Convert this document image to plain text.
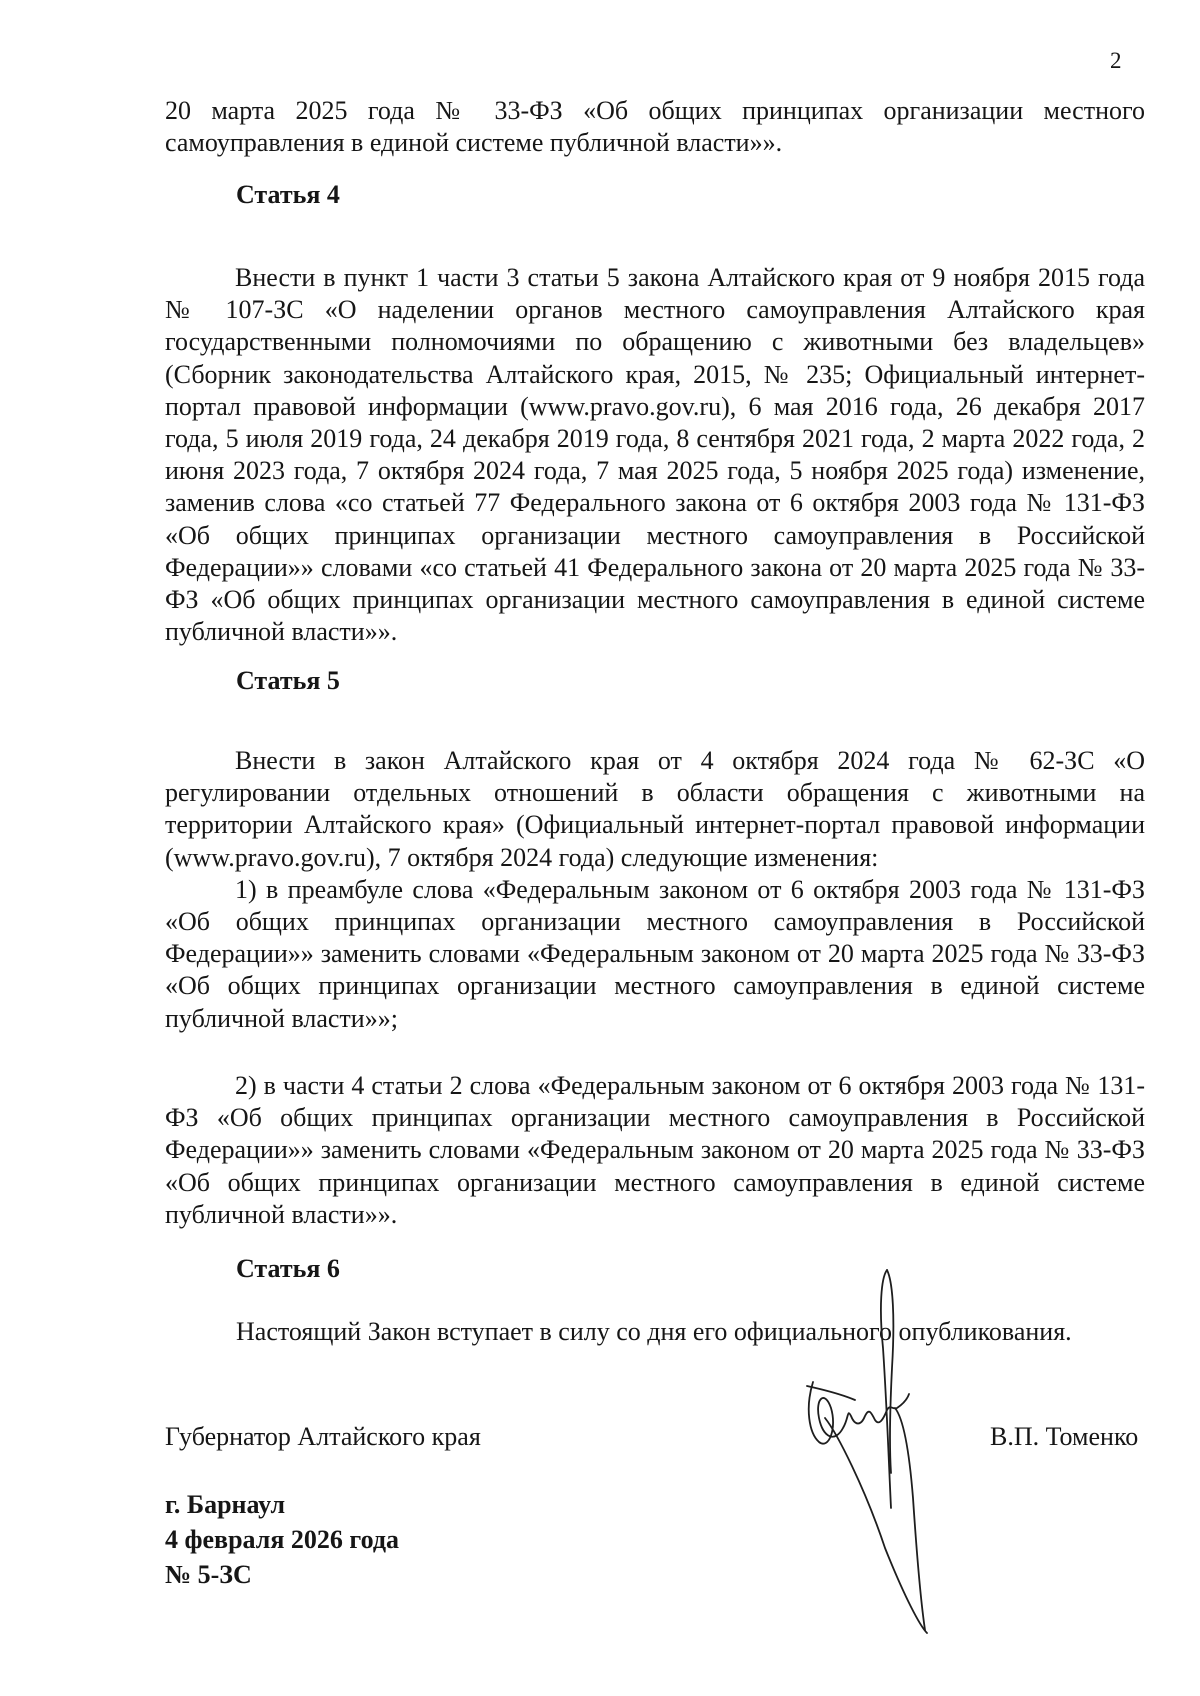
2

20 марта 2025 года № 33-ФЗ «Об общих принципах организации местного самоуправления в единой системе публичной власти»».

Статья 4

Внести в пункт 1 части 3 статьи 5 закона Алтайского края от 9 ноября 2015 года № 107-ЗС «О наделении органов местного самоуправления Алтайского края государственными полномочиями по обращению с животными без владельцев» (Сборник законодательства Алтайского края, 2015, № 235; Официальный интернет-портал правовой информации (www.pravo.gov.ru), 6 мая 2016 года, 26 декабря 2017 года, 5 июля 2019 года, 24 декабря 2019 года, 8 сентября 2021 года, 2 марта 2022 года, 2 июня 2023 года, 7 октября 2024 года, 7 мая 2025 года, 5 ноября 2025 года) изменение, заменив слова «со статьей 77 Федерального закона от 6 октября 2003 года № 131-ФЗ «Об общих принципах организации местного самоуправления в Российской Федерации»» словами «со статьей 41 Федерального закона от 20 марта 2025 года № 33-ФЗ «Об общих принципах организации местного самоуправления в единой системе публичной власти»».

Статья 5

Внести в закон Алтайского края от 4 октября 2024 года № 62-ЗС «О регулировании отдельных отношений в области обращения с животными на территории Алтайского края» (Официальный интернет-портал правовой информации (www.pravo.gov.ru), 7 октября 2024 года) следующие изменения:

1) в преамбуле слова «Федеральным законом от 6 октября 2003 года № 131-ФЗ «Об общих принципах организации местного самоуправления в Российской Федерации»» заменить словами «Федеральным законом от 20 марта 2025 года № 33-ФЗ «Об общих принципах организации местного самоуправления в единой системе публичной власти»»;

2) в части 4 статьи 2 слова «Федеральным законом от 6 октября 2003 года № 131-ФЗ «Об общих принципах организации местного самоуправления в Российской Федерации»» заменить словами «Федеральным законом от 20 марта 2025 года № 33-ФЗ «Об общих принципах организации местного самоуправления в единой системе публичной власти»».

Статья 6

Настоящий Закон вступает в силу со дня его официального опубликования.

Губернатор Алтайского края	В.П. Томенко

г. Барнаул

4 февраля 2026 года

№ 5-ЗС
